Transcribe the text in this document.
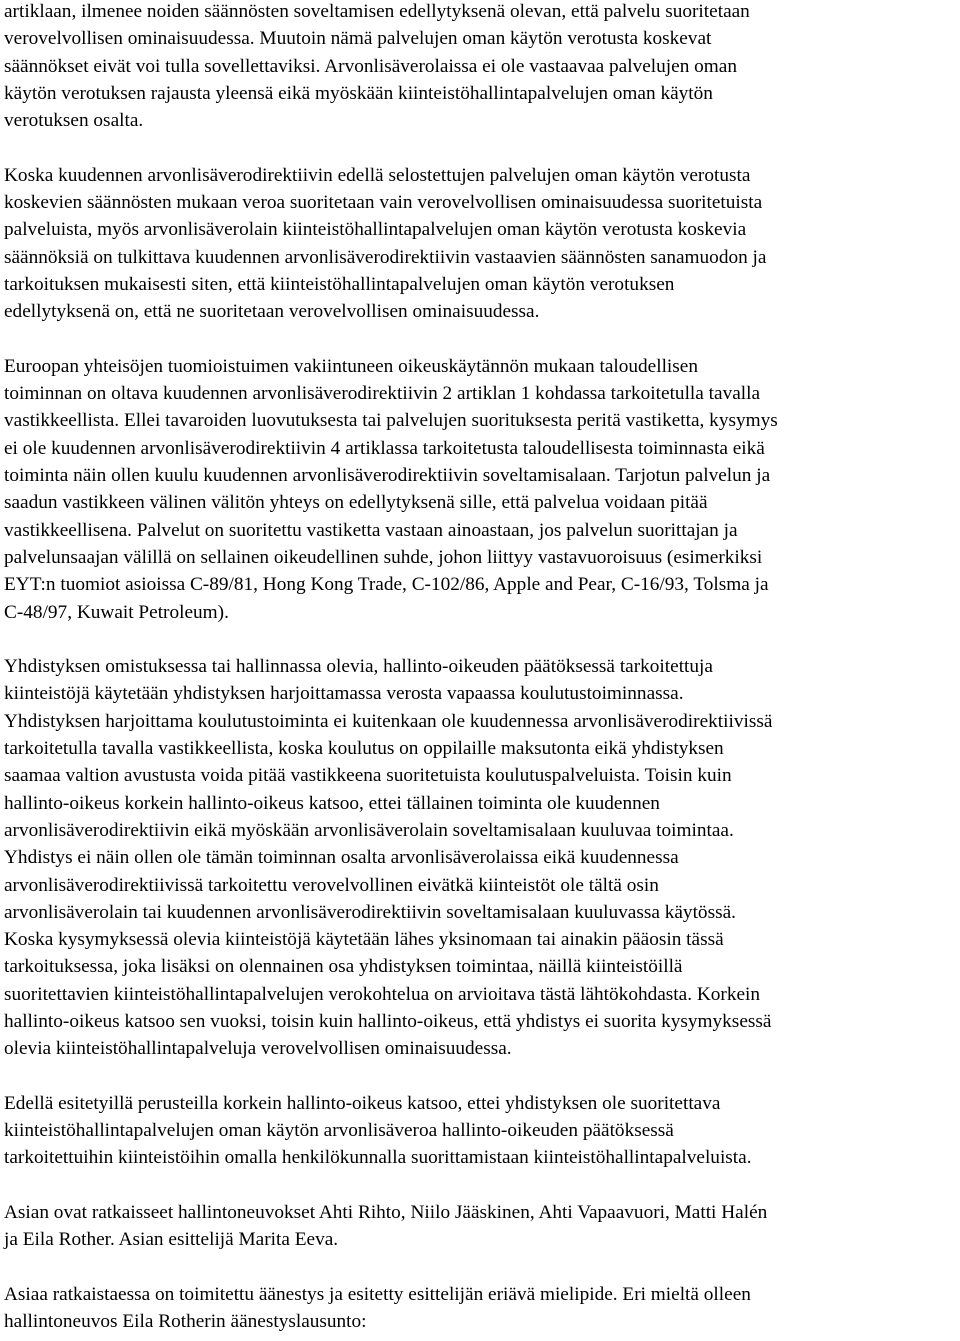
artiklaan, ilmenee noiden säännösten soveltamisen edellytyksenä olevan, että palvelu suoritetaan
verovelvollisen ominaisuudessa. Muutoin nämä palvelujen oman käytön verotusta koskevat
säännökset eivät voi tulla sovellettaviksi. Arvonlisäverolaissa ei ole vastaavaa palvelujen oman
käytön verotuksen rajausta yleensä eikä myöskään kiinteistöhallintapalvelujen oman käytön
verotuksen osalta.

Koska kuudennen arvonlisäverodirektiivin edellä selostettujen palvelujen oman käytön verotusta
koskevien säännösten mukaan veroa suoritetaan vain verovelvollisen ominaisuudessa suoritetuista
palveluista, myös arvonlisäverolain kiinteistöhallintapalvelujen oman käytön verotusta koskevia
säännöksiä on tulkittava kuudennen arvonlisäverodirektiivin vastaavien säännösten sanamuodon ja
tarkoituksen mukaisesti siten, että kiinteistöhallintapalvelujen oman käytön verotuksen
edellytyksenä on, että ne suoritetaan verovelvollisen ominaisuudessa.

Euroopan yhteisöjen tuomioistuimen vakiintuneen oikeuskäytännön mukaan taloudellisen
toiminnan on oltava kuudennen arvonlisäverodirektiivin 2 artiklan 1 kohdassa tarkoitetulla tavalla
vastikkeellista. Ellei tavaroiden luovutuksesta tai palvelujen suorituksesta peritä vastiketta, kysymys
ei ole kuudennen arvonlisäverodirektiivin 4 artiklassa tarkoitetusta taloudellisesta toiminnasta eikä
toiminta näin ollen kuulu kuudennen arvonlisäverodirektiivin soveltamisalaan. Tarjotun palvelun ja
saadun vastikkeen välinen välitön yhteys on edellytyksenä sille, että palvelua voidaan pitää
vastikkeellisena. Palvelut on suoritettu vastiketta vastaan ainoastaan, jos palvelun suorittajan ja
palvelunsaajan välillä on sellainen oikeudellinen suhde, johon liittyy vastavuoroisuus (esimerkiksi
EYT:n tuomiot asioissa C-89/81, Hong Kong Trade, C-102/86, Apple and Pear, C-16/93, Tolsma ja
C-48/97, Kuwait Petroleum).

Yhdistyksen omistuksessa tai hallinnassa olevia, hallinto-oikeuden päätöksessä tarkoitettuja
kiinteistöjä käytetään yhdistyksen harjoittamassa verosta vapaassa koulutustoiminnassa.
Yhdistyksen harjoittama koulutustoiminta ei kuitenkaan ole kuudennessa arvonlisäverodirektiivissä
tarkoitetulla tavalla vastikkeellista, koska koulutus on oppilaille maksutonta eikä yhdistyksen
saamaa valtion avustusta voida pitää vastikkeena suoritetuista koulutuspalveluista. Toisin kuin
hallinto-oikeus korkein hallinto-oikeus katsoo, ettei tällainen toiminta ole kuudennen
arvonlisäverodirektiivin eikä myöskään arvonlisäverolain soveltamisalaan kuuluvaa toimintaa.
Yhdistys ei näin ollen ole tämän toiminnan osalta arvonlisäverolaissa eikä kuudennessa
arvonlisäverodirektiivissä tarkoitettu verovelvollinen eivätkä kiinteistöt ole tältä osin
arvonlisäverolain tai kuudennen arvonlisäverodirektiivin soveltamisalaan kuuluvassa käytössä.
Koska kysymyksessä olevia kiinteistöjä käytetään lähes yksinomaan tai ainakin pääosin tässä
tarkoituksessa, joka lisäksi on olennainen osa yhdistyksen toimintaa, näillä kiinteistöillä
suoritettavien kiinteistöhallintapalvelujen verokohtelua on arvioitava tästä lähtökohdasta. Korkein
hallinto-oikeus katsoo sen vuoksi, toisin kuin hallinto-oikeus, että yhdistys ei suorita kysymyksessä
olevia kiinteistöhallintapalveluja verovelvollisen ominaisuudessa.

Edellä esitetyillä perusteilla korkein hallinto-oikeus katsoo, ettei yhdistyksen ole suoritettava
kiinteistöhallintapalvelujen oman käytön arvonlisäveroa hallinto-oikeuden päätöksessä
tarkoitettuihin kiinteistöihin omalla henkilökunnalla suorittamistaan kiinteistöhallintapalveluista.

Asian ovat ratkaisseet hallintoneuvokset Ahti Rihto, Niilo Jääskinen, Ahti Vapaavuori, Matti Halén
ja Eila Rother. Asian esittelijä Marita Eeva.

Asiaa ratkaistaessa on toimitettu äänestys ja esitetty esittelijän eriävä mielipide. Eri mieltä olleen
hallintoneuvos Eila Rotherin äänestyslausunto:
